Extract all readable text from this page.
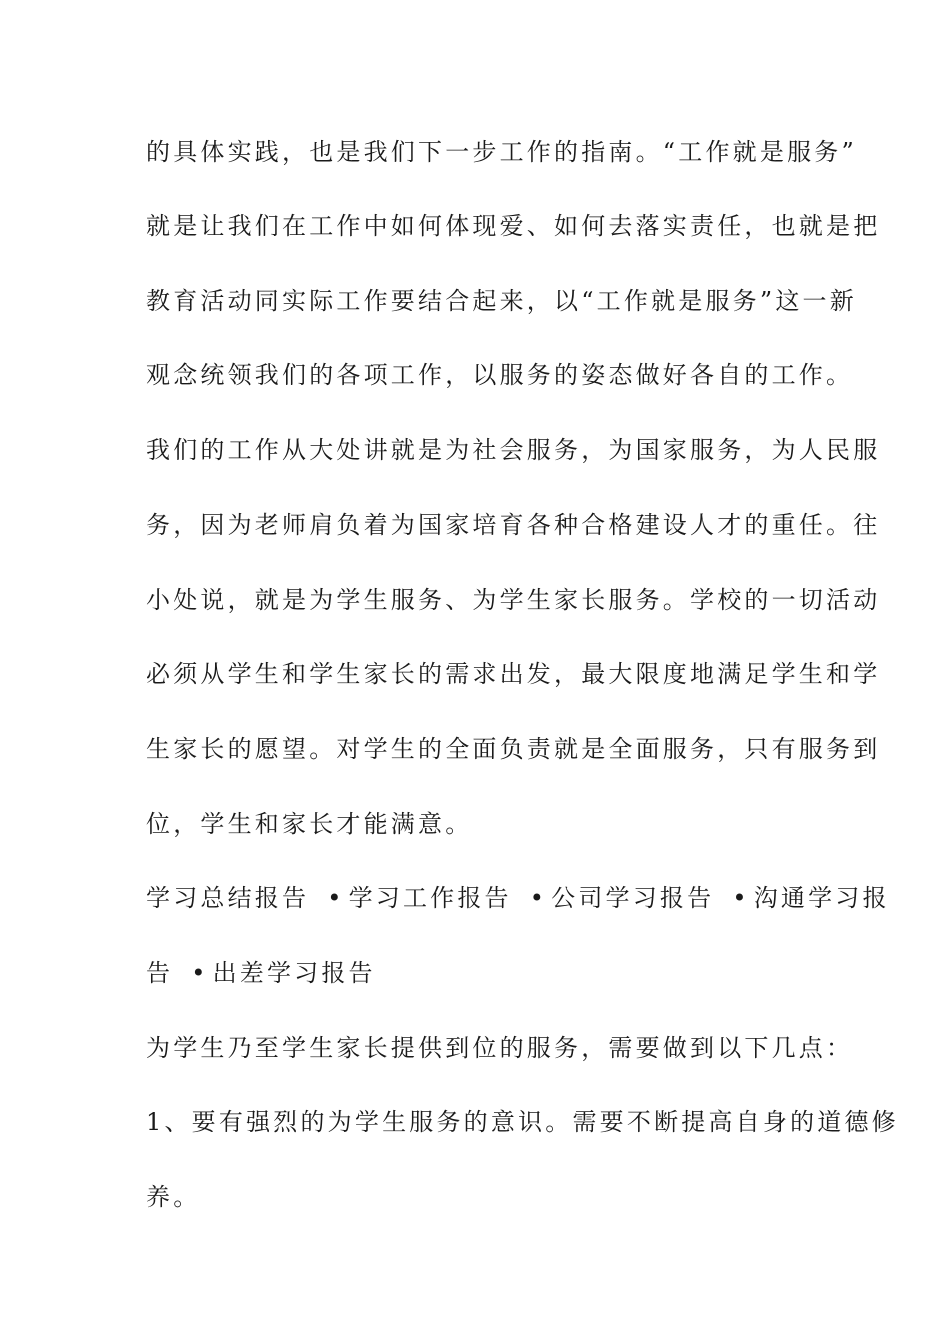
的具体实践，也是我们下一步工作的指南。“工作就是服务”
就是让我们在工作中如何体现爱、如何去落实责任，也就是把
教育活动同实际工作要结合起来，以“工作就是服务”这一新
观念统领我们的各项工作，以服务的姿态做好各自的工作。
我们的工作从大处讲就是为社会服务，为国家服务，为人民服
务，因为老师肩负着为国家培育各种合格建设人才的重任。往
小处说，就是为学生服务、为学生家长服务。学校的一切活动
必须从学生和学生家长的需求出发，最大限度地满足学生和学
生家长的愿望。对学生的全面负责就是全面服务，只有服务到
位，学生和家长才能满意。
学习总结报告 • 学习工作报告 • 公司学习报告 • 沟通学习报
告 • 出差学习报告
为学生乃至学生家长提供到位的服务，需要做到以下几点：
1、要有强烈的为学生服务的意识。需要不断提高自身的道德修
养。
